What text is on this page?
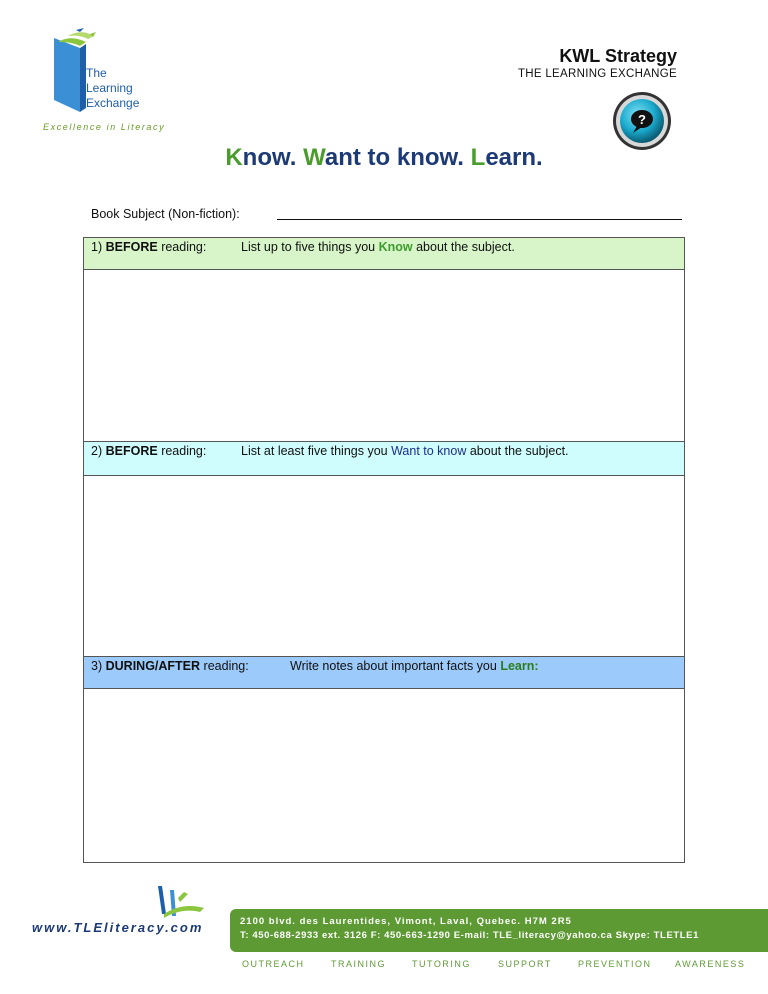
The
Learning
Exchange
Excellence in Literacy
KWL Strategy
THE LEARNING EXCHANGE
?
Know. Want to know. Learn.
Book Subject (Non-fiction):
1) BEFORE reading:	List up to five things you Know about the subject.
2) BEFORE reading:	List at least five things you Want to know about the subject.
3) DURING/AFTER reading:	Write notes about important facts you Learn:
www.TLEliteracy.com	2100 blvd. des Laurentides, Vimont, Laval, Quebec. H7M 2R5
T: 450-688-2933 ext. 3126 F: 450-663-1290 E-mail: TLE_literacy@yahoo.ca Skype: TLETLE1
OUTREACH	TRAINING	TUTORING	SUPPORT	PREVENTION	AWARENESS
